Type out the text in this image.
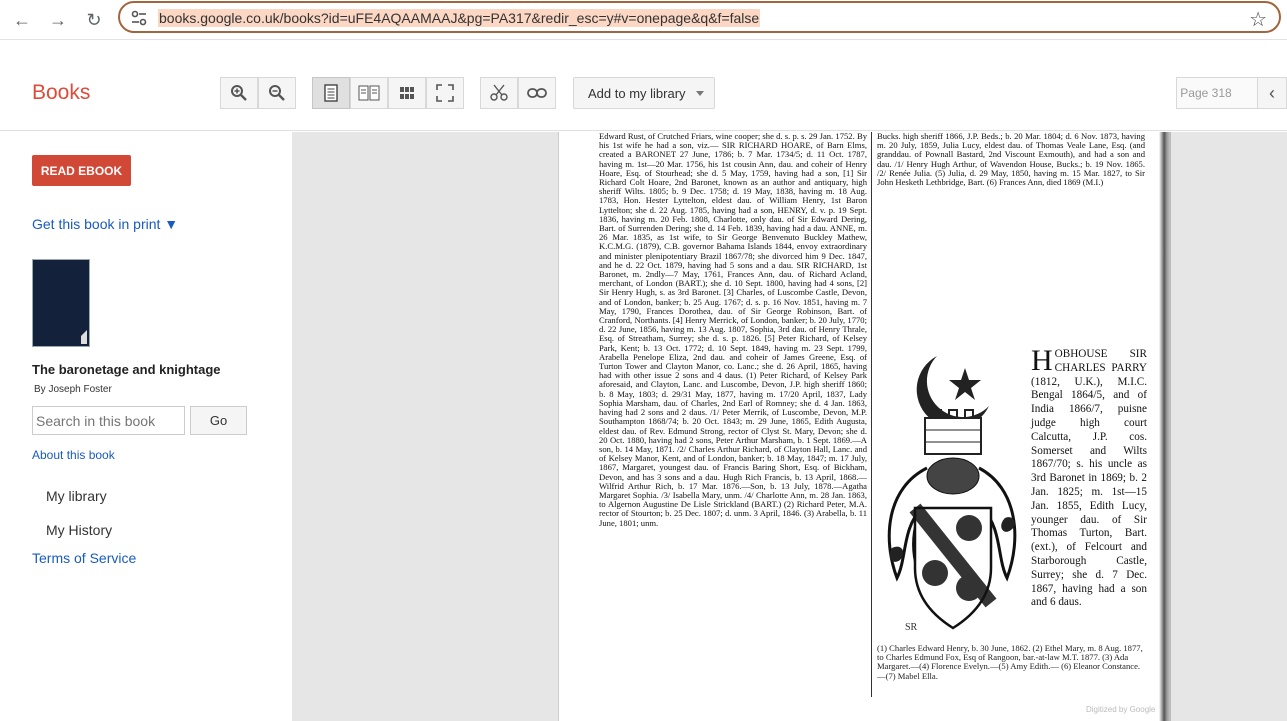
← →	↻	books.google.co.uk/books?id=uFE4AQAAMAAJ&pg=PA317&redir_esc=y#v=onepage&q&f=false	☆
Books	Add to my library	Page 318	‹
READ EBOOK
Get this book in print ▼
The baronetage and knightage
By Joseph Foster
Search in this book
Go
About this book
My library
My History
Terms of Service

Edward Rust, of Crutched Friars, wine cooper; she d. s. p. s. 29 Jan. 1752. By his 1st wife he had a son, viz.— SIR RICHARD HOARE, of Barn Elms, created a BARONET 27 June, 1786; b. 7 Mar. 1734/5; d. 11 Oct. 1787, having m. 1st—20 Mar. 1756, his 1st cousin Ann, dau. and coheir of Henry Hoare, Esq. of Stourhead; she d. 5 May, 1759, having had a son, [1] Sir Richard Colt Hoare, 2nd Baronet, known as an author and antiquary, high sheriff Wilts. 1805; b. 9 Dec. 1758; d. 19 May, 1838, having m. 18 Aug. 1783, Hon. Hester Lyttelton, eldest dau. of William Henry, 1st Baron Lyttelton; she d. 22 Aug. 1785, having had a son, HENRY, d. v. p. 19 Sept. 1836, having m. 20 Feb. 1808, Charlotte, only dau. of Sir Edward Dering, Bart. of Surrenden Dering; she d. 14 Feb. 1839, having had a dau. ANNE, m. 26 Mar. 1835, as 1st wife, to Sir George Benvenuto Buckley Mathew, K.C.M.G. (1879), C.B. governor Bahama Islands 1844, envoy extraordinary and minister plenipotentiary Brazil 1867/78; she divorced him 9 Dec. 1847, and he d. 22 Oct. 1879, having had 5 sons and a dau. SIR RICHARD, 1st Baronet, m. 2ndly—7 May, 1761, Frances Ann, dau. of Richard Acland, merchant, of London (BART.); she d. 10 Sept. 1800, having had 4 sons, [2] Sir Henry Hugh, s. as 3rd Baronet. [3] Charles, of Luscombe Castle, Devon, and of London, banker; b. 25 Aug. 1767; d. s. p. 16 Nov. 1851, having m. 7 May, 1790, Frances Dorothea, dau. of Sir George Robinson, Bart. of Cranford, Northants. [4] Henry Merrick, of London, banker; b. 20 July, 1770; d. 22 June, 1856, having m. 13 Aug. 1807, Sophia, 3rd dau. of Henry Thrale, Esq. of Streatham, Surrey; she d. s. p. 1826. [5] Peter Richard, of Kelsey Park, Kent; b. 13 Oct. 1772; d. 10 Sept. 1849, having m. 23 Sept. 1799, Arabella Penelope Eliza, 2nd dau. and coheir of James Greene, Esq. of Turton Tower and Clayton Manor, co. Lanc.; she d. 26 April, 1865, having had with other issue 2 sons and 4 daus. (1) Peter Richard, of Kelsey Park aforesaid, and Clayton, Lanc. and Luscombe, Devon, J.P. high sheriff 1860; b. 8 May, 1803; d. 29/31 May, 1877, having m. 17/20 April, 1837, Lady Sophia Marsham, dau. of Charles, 2nd Earl of Romney; she d. 4 Jan. 1863, having had 2 sons and 2 daus. /1/ Peter Merrik, of Luscombe, Devon, M.P. Southampton 1868/74; b. 20 Oct. 1843; m. 29 June, 1865, Edith Augusta, eldest dau. of Rev. Edmund Strong, rector of Clyst St. Mary, Devon; she d. 20 Oct. 1880, having had 2 sons, Peter Arthur Marsham, b. 1 Sept. 1869.—A son, b. 14 May, 1871. /2/ Charles Arthur Richard, of Clayton Hall, Lanc. and of Kelsey Manor, Kent, and of London, banker; b. 18 May, 1847; m. 17 July, 1867, Margaret, youngest dau. of Francis Baring Short, Esq. of Bickham, Devon, and has 3 sons and a dau. Hugh Rich Francis, b. 13 April, 1868.—Wilfrid Arthur Rich, b. 17 Mar. 1876.—Son, b. 13 July, 1878.—Agatha Margaret Sophia. /3/ Isabella Mary, unm. /4/ Charlotte Ann, m. 28 Jan. 1863, to Algernon Augustine De Lisle Strickland (BART.) (2) Richard Peter, M.A. rector of Stourton; b. 25 Dec. 1807; d. unm. 3 April, 1846. (3) Arabella, b. 11 June, 1801; unm.

Bucks. high sheriff 1866, J.P. Beds.; b. 20 Mar. 1804; d. 6 Nov. 1873, having m. 20 July, 1859, Julia Lucy, eldest dau. of Thomas Veale Lane, Esq. (and granddau. of Pownall Bastard, 2nd Viscount Exmouth), and had a son and dau. /1/ Henry Hugh Arthur, of Wavendon House, Bucks.; b. 19 Nov. 1865. /2/ Renée Julia. (5) Julia, d. 29 May, 1850, having m. 15 Mar. 1827, to Sir John Hesketh Lethbridge, Bart. (6) Frances Ann, died 1869 (M.I.)

SR
H OBHOUSE SIR CHARLES PARRY (1812, U.K.), M.I.C. Bengal 1864/5, and of India 1866/7, puisne judge high court Calcutta, J.P. cos. Somerset and Wilts 1867/70; s. his uncle as 3rd Baronet in 1869; b. 2 Jan. 1825; m. 1st—15 Jan. 1855, Edith Lucy, younger dau. of Sir Thomas Turton, Bart. (ext.), of Felcourt and Starborough Castle, Surrey; she d. 7 Dec. 1867, having had a son and 6 daus.

(1) Charles Edward Henry, b. 30 June, 1862. (2) Ethel Mary, m. 8 Aug. 1877, to Charles Edmund Fox, Esq of Rangoon, bar.-at-law M.T. 1877. (3) Ada Margaret.—(4) Florence Evelyn.—(5) Amy Edith.— (6) Eleanor Constance.—(7) Mabel Ella.

Digitized by Google
